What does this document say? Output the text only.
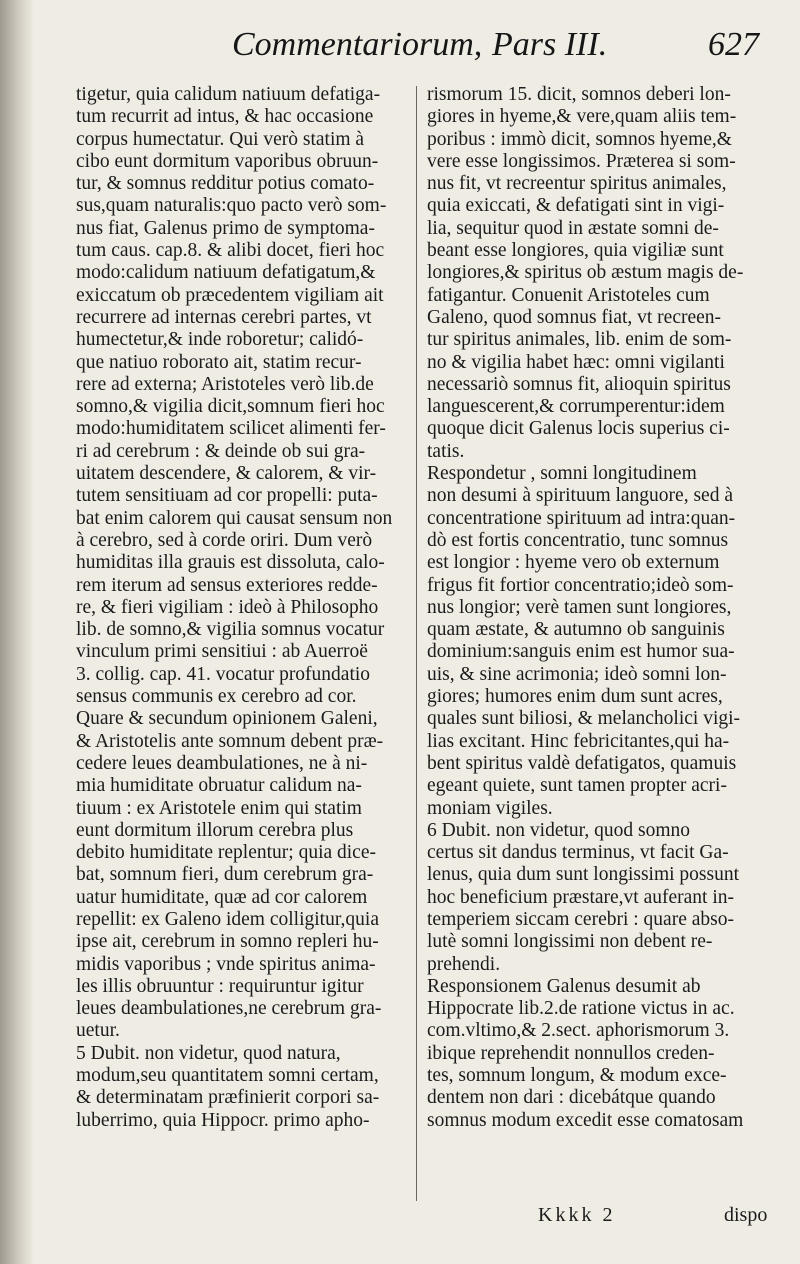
Commentariorum, Pars III.	627

tigetur, quia calidum natiuum defatiga-

tum recurrit ad intus, & hac occasione

corpus humectatur. Qui verò statim à

cibo eunt dormitum vaporibus obruun-

tur, & somnus redditur potius comato-

sus,quam naturalis:quo pacto verò som-

nus fiat, Galenus primo de symptoma-

tum caus. cap.8. & alibi docet, fieri hoc

modo:calidum natiuum defatigatum,&

exiccatum ob præcedentem vigiliam ait

recurrere ad internas cerebri partes, vt

humectetur,& inde roboretur; calidó-

que natiuo roborato ait, statim recur-

rere ad externa; Aristoteles verò lib.de

somno,& vigilia dicit,somnum fieri hoc

modo:humiditatem scilicet alimenti fer-

ri ad cerebrum : & deinde ob sui gra-

uitatem descendere, & calorem, & vir-

tutem sensitiuam ad cor propelli: puta-

bat enim calorem qui causat sensum non

à cerebro, sed à corde oriri. Dum verò

humiditas illa grauis est dissoluta, calo-

rem iterum ad sensus exteriores redde-

re, & fieri vigiliam : ideò à Philosopho

lib. de somno,& vigilia somnus vocatur

vinculum primi sensitiui : ab Auerroë

3. collig. cap. 41. vocatur profundatio

sensus communis ex cerebro ad cor.

Quare & secundum opinionem Galeni,

& Aristotelis ante somnum debent præ-

cedere leues deambulationes, ne à ni-

mia humiditate obruatur calidum na-

tiuum : ex Aristotele enim qui statim

eunt dormitum illorum cerebra plus

debito humiditate replentur; quia dice-

bat, somnum fieri, dum cerebrum gra-

uatur humiditate, quæ ad cor calorem

repellit: ex Galeno idem colligitur,quia

ipse ait, cerebrum in somno repleri hu-

midis vaporibus ; vnde spiritus anima-

les illis obruuntur : requiruntur igitur

leues deambulationes,ne cerebrum gra-

uetur.

5 Dubit. non videtur, quod natura,

modum,seu quantitatem somni certam,

& determinatam præfinierit corpori sa-

luberrimo, quia Hippocr. primo apho-

rismorum 15. dicit, somnos deberi lon-

giores in hyeme,& vere,quam aliis tem-

poribus : immò dicit, somnos hyeme,&

vere esse longissimos. Præterea si som-

nus fit, vt recreentur spiritus animales,

quia exiccati, & defatigati sint in vigi-

lia, sequitur quod in æstate somni de-

beant esse longiores, quia vigiliæ sunt

longiores,& spiritus ob æstum magis de-

fatigantur. Conuenit Aristoteles cum

Galeno, quod somnus fiat, vt recreen-

tur spiritus animales, lib. enim de som-

no & vigilia habet hæc: omni vigilanti

necessariò somnus fit, alioquin spiritus

languescerent,& corrumperentur:idem

quoque dicit Galenus locis superius ci-

tatis.

Respondetur , somni longitudinem

non desumi à spirituum languore, sed à

concentratione spirituum ad intra:quan-

dò est fortis concentratio, tunc somnus

est longior : hyeme vero ob externum

frigus fit fortior concentratio;ideò som-

nus longior; verè tamen sunt longiores,

quam æstate, & autumno ob sanguinis

dominium:sanguis enim est humor sua-

uis, & sine acrimonia; ideò somni lon-

giores; humores enim dum sunt acres,

quales sunt biliosi, & melancholici vigi-

lias excitant. Hinc febricitantes,qui ha-

bent spiritus valdè defatigatos, quamuis

egeant quiete, sunt tamen propter acri-

moniam vigiles.

6 Dubit. non videtur, quod somno

certus sit dandus terminus, vt facit Ga-

lenus, quia dum sunt longissimi possunt

hoc beneficium præstare,vt auferant in-

temperiem siccam cerebri : quare abso-

lutè somni longissimi non debent re-

prehendi.

Responsionem Galenus desumit ab

Hippocrate lib.2.de ratione victus in ac.

com.vltimo,& 2.sect. aphorismorum 3.

ibique reprehendit nonnullos creden-

tes, somnum longum, & modum exce-

dentem non dari : dicebátque quando

somnus modum excedit esse comatosam

Kkkk 2	dispo
